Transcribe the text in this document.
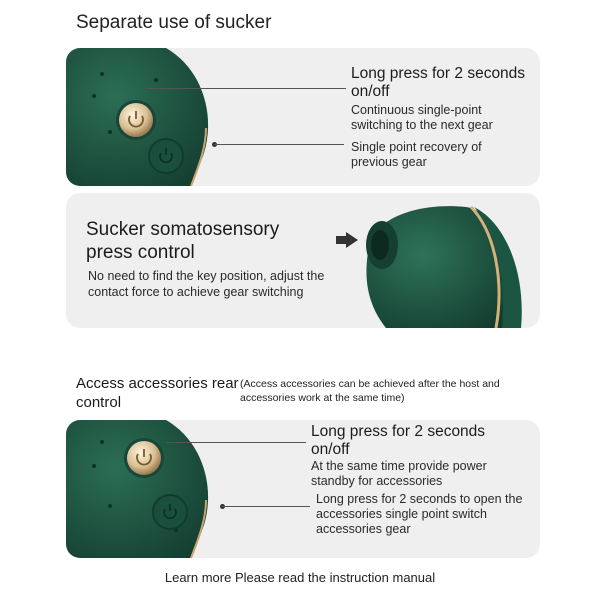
Separate use of sucker
Long press for 2 seconds on/off
Continuous single-point switching to the next gear
Single point recovery of previous gear
Sucker somatosensory press control
No need to find the key position, adjust the contact force to achieve gear switching
Access accessories rear control
(Access accessories can be achieved after the host and accessories work at the same time)
Long press for 2 seconds on/off
At the same time provide power standby for accessories
Long press for 2 seconds to open the accessories single point switch accessories gear
Learn more Please read the instruction manual
